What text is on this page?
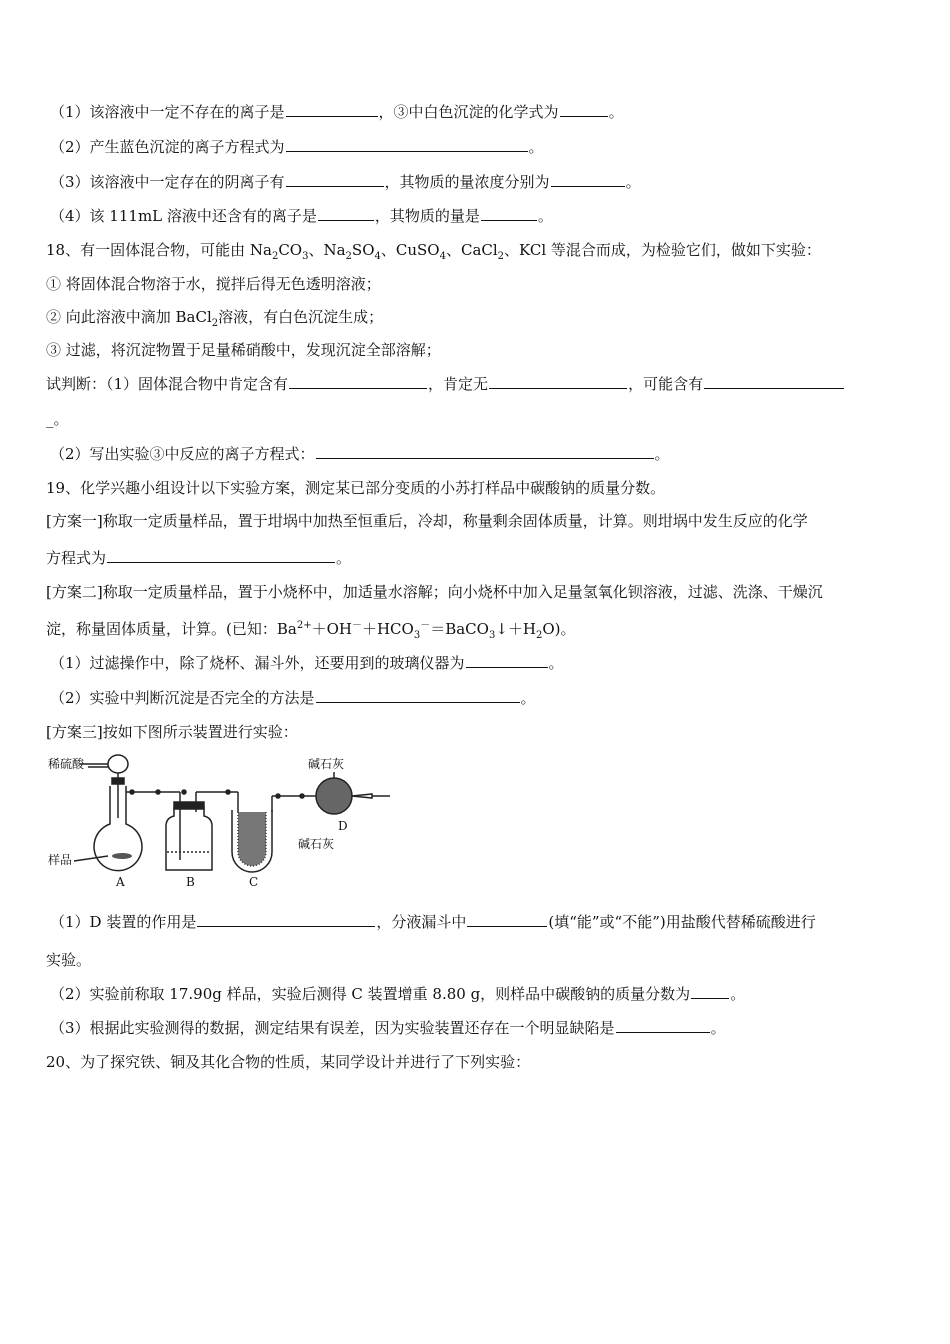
（1）该溶液中一定不存在的离子是	，③中白色沉淀的化学式为	。
（2）产生蓝色沉淀的离子方程式为	。
（3）该溶液中一定存在的阴离子有	，其物质的量浓度分别为	。
（4）该 111mL 溶液中还含有的离子是	，其物质的量是	。
18、有一固体混合物，可能由 $Na_2CO_3$、$Na_2SO_4$、CuSO$_4$、CaCl$_2$、KCl 等混合而成，为检验它们，做如下实验：
① 将固体混合物溶于水，搅拌后得无色透明溶液；
② 向此溶液中滴加 BaCl$_2$溶液，有白色沉淀生成；
③ 过滤，将沉淀物置于足量稀硝酸中，发现沉淀全部溶解；
试判断：（1）固体混合物中肯定含有	，肯定无	，可能含有
_。
（2）写出实验③中反应的离子方程式：	。
19、化学兴趣小组设计以下实验方案，测定某已部分变质的小苏打样品中碳酸钠的质量分数。
[方案一]称取一定质量样品，置于坩埚中加热至恒重后，冷却，称量剩余固体质量，计算。则坩埚中发生反应的化学
方程式为	。
[方案二]称取一定质量样品，置于小烧杯中，加适量水溶解；向小烧杯中加入足量氢氧化钡溶液，过滤、洗涤、干燥沉
淀，称量固体质量，计算。(已知：$Ba^{2+}+OH^-+HCO_3^-=BaCO_3↓+H_2O$)。
（1）过滤操作中，除了烧杯、漏斗外，还要用到的玻璃仪器为	。
（2）实验中判断沉淀是否完全的方法是	。
[方案三]按如下图所示装置进行实验：
稀硫酸
样品
碱石灰
碱石灰
A	B	C
D
（1）D 装置的作用是	，分液漏斗中	(填“能”或“不能”)用盐酸代替稀硫酸进行
实验。
（2）实验前称取 17.90g 样品，实验后测得 C 装置增重 8.80 g，则样品中碳酸钠的质量分数为	。
（3）根据此实验测得的数据，测定结果有误差，因为实验装置还存在一个明显缺陷是	。
20、为了探究铁、铜及其化合物的性质，某同学设计并进行了下列实验：
